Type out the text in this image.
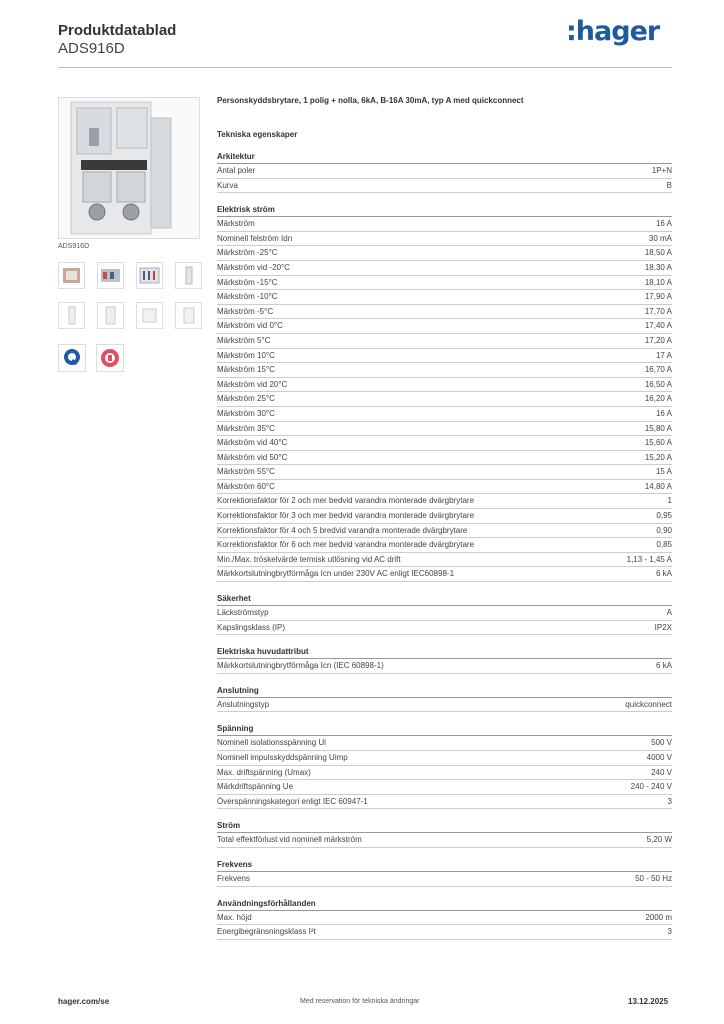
Produktdatablad
ADS916D
:hager
ADS916D
Personskyddsbrytare, 1 polig + nolla, 6kA, B-16A 30mA, typ A med quickconnect
Tekniska egenskaper
Arkitektur
Antal poler	1P+N
Kurva	B
Elektrisk ström
Märkström	16 A
Nominell felström Idn	30 mA
Märkström -25°C	18,50 A
Märkström vid -20°C	18,30 A
Märkström -15°C	18,10 A
Märkström -10°C	17,90 A
Märkström -5°C	17,70 A
Märkström vid 0°C	17,40 A
Märkström 5°C	17,20 A
Märkström 10°C	17 A
Märkström 15°C	16,70 A
Märkström vid 20°C	16,50 A
Märkström 25°C	16,20 A
Märkström 30°C	16 A
Märkström 35°C	15,80 A
Märkström vid 40°C	15,60 A
Märkström vid 50°C	15,20 A
Märkström 55°C	15 A
Märkström 60°C	14,80 A
Korrektionsfaktor för 2 och mer bedvid varandra monterade dvärgbrytare	1
Korrektionsfaktor för 3 och mer bedvid varandra monterade dvärgbrytare	0,95
Korrektionsfaktor för 4 och 5 bredvid varandra monterade dvärgbrytare	0,90
Korrektionsfaktor för 6 och mer bedvid varandra monterade dvärgbrytare	0,85
Min./Max. tröskelvärde termisk utlösning vid AC drift	1,13 - 1,45 A
Märkkortslutningbrytförmåga Icn under 230V AC enligt IEC60898-1	6 kA
Säkerhet
Läckströmstyp	A
Kapslingsklass (IP)	IP2X
Elektriska huvudattribut
Märkkortslutningbrytförmåga Icn (IEC 60898-1)	6 kA
Anslutning
Anslutningstyp	quickconnect
Spänning
Nominell isolationsspänning Ui	500 V
Nominell impulsskyddspänning Uimp	4000 V
Max. driftspänning (Umax)	240 V
Märkdriftspänning Ue	240 - 240 V
Överspänningskategori enligt IEC 60947-1	3
Ström
Total effektförlust vid nominell märkström	5,20 W
Frekvens
Frekvens	50 - 50 Hz
Användningsförhållanden
Max. höjd	2000 m
Energibegränsningsklass I²t	3
hager.com/se	Med reservation för tekniska ändringar	13.12.2025
